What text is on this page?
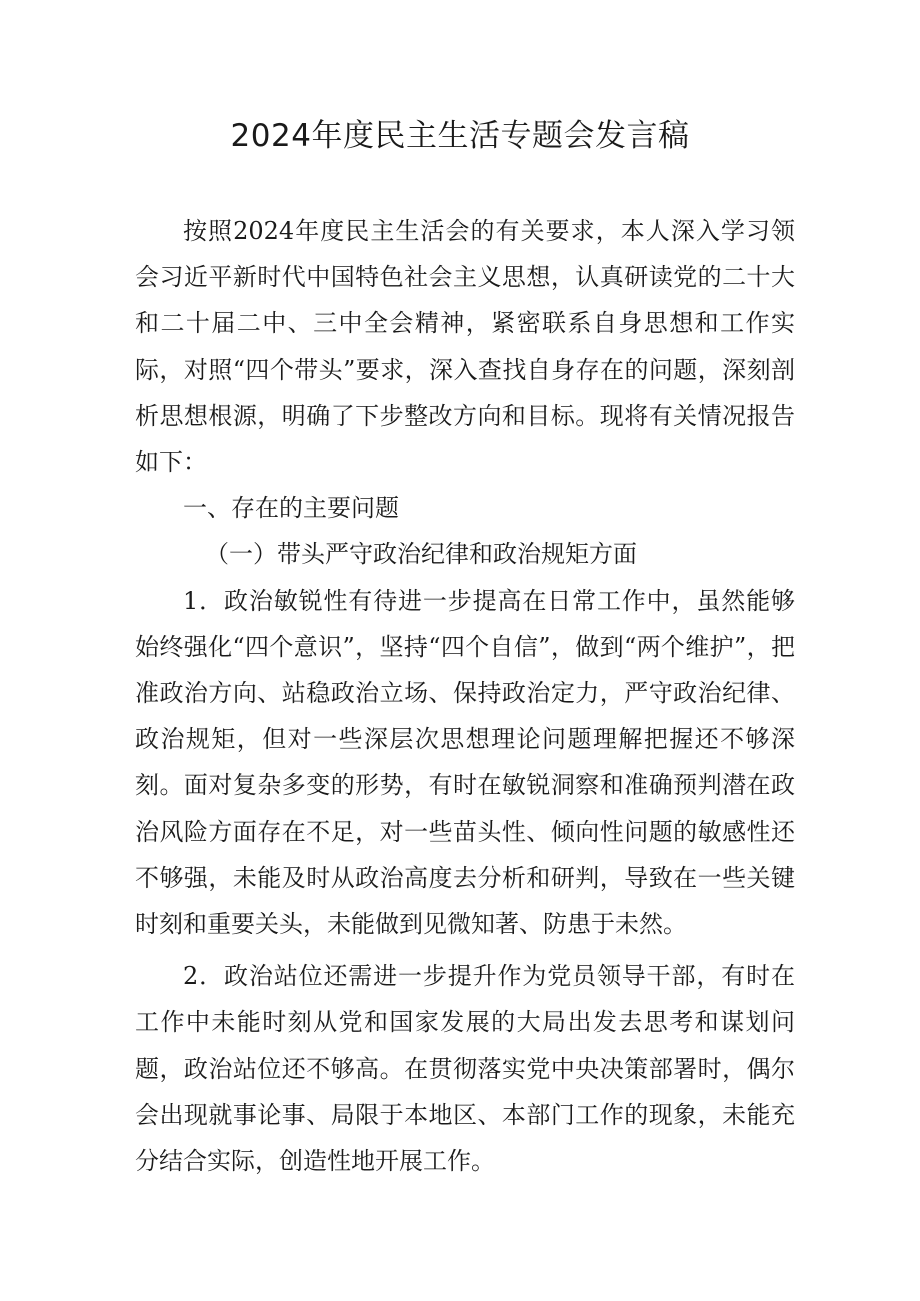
2024年度民主生活专题会发言稿

按照2024年度民主生活会的有关要求，本人深入学习领会习近平新时代中国特色社会主义思想，认真研读党的二十大和二十届二中、三中全会精神，紧密联系自身思想和工作实际，对照“四个带头”要求，深入查找自身存在的问题，深刻剖析思想根源，明确了下步整改方向和目标。现将有关情况报告如下：

一、存在的主要问题

（一）带头严守政治纪律和政治规矩方面

1．政治敏锐性有待进一步提高在日常工作中，虽然能够始终强化“四个意识”，坚持“四个自信”，做到“两个维护”，把准政治方向、站稳政治立场、保持政治定力，严守政治纪律、政治规矩，但对一些深层次思想理论问题理解把握还不够深刻。面对复杂多变的形势，有时在敏锐洞察和准确预判潜在政治风险方面存在不足，对一些苗头性、倾向性问题的敏感性还不够强，未能及时从政治高度去分析和研判，导致在一些关键时刻和重要关头，未能做到见微知著、防患于未然。

2．政治站位还需进一步提升作为党员领导干部，有时在工作中未能时刻从党和国家发展的大局出发去思考和谋划问题，政治站位还不够高。在贯彻落实党中央决策部署时，偶尔会出现就事论事、局限于本地区、本部门工作的现象，未能充分结合实际，创造性地开展工作。
